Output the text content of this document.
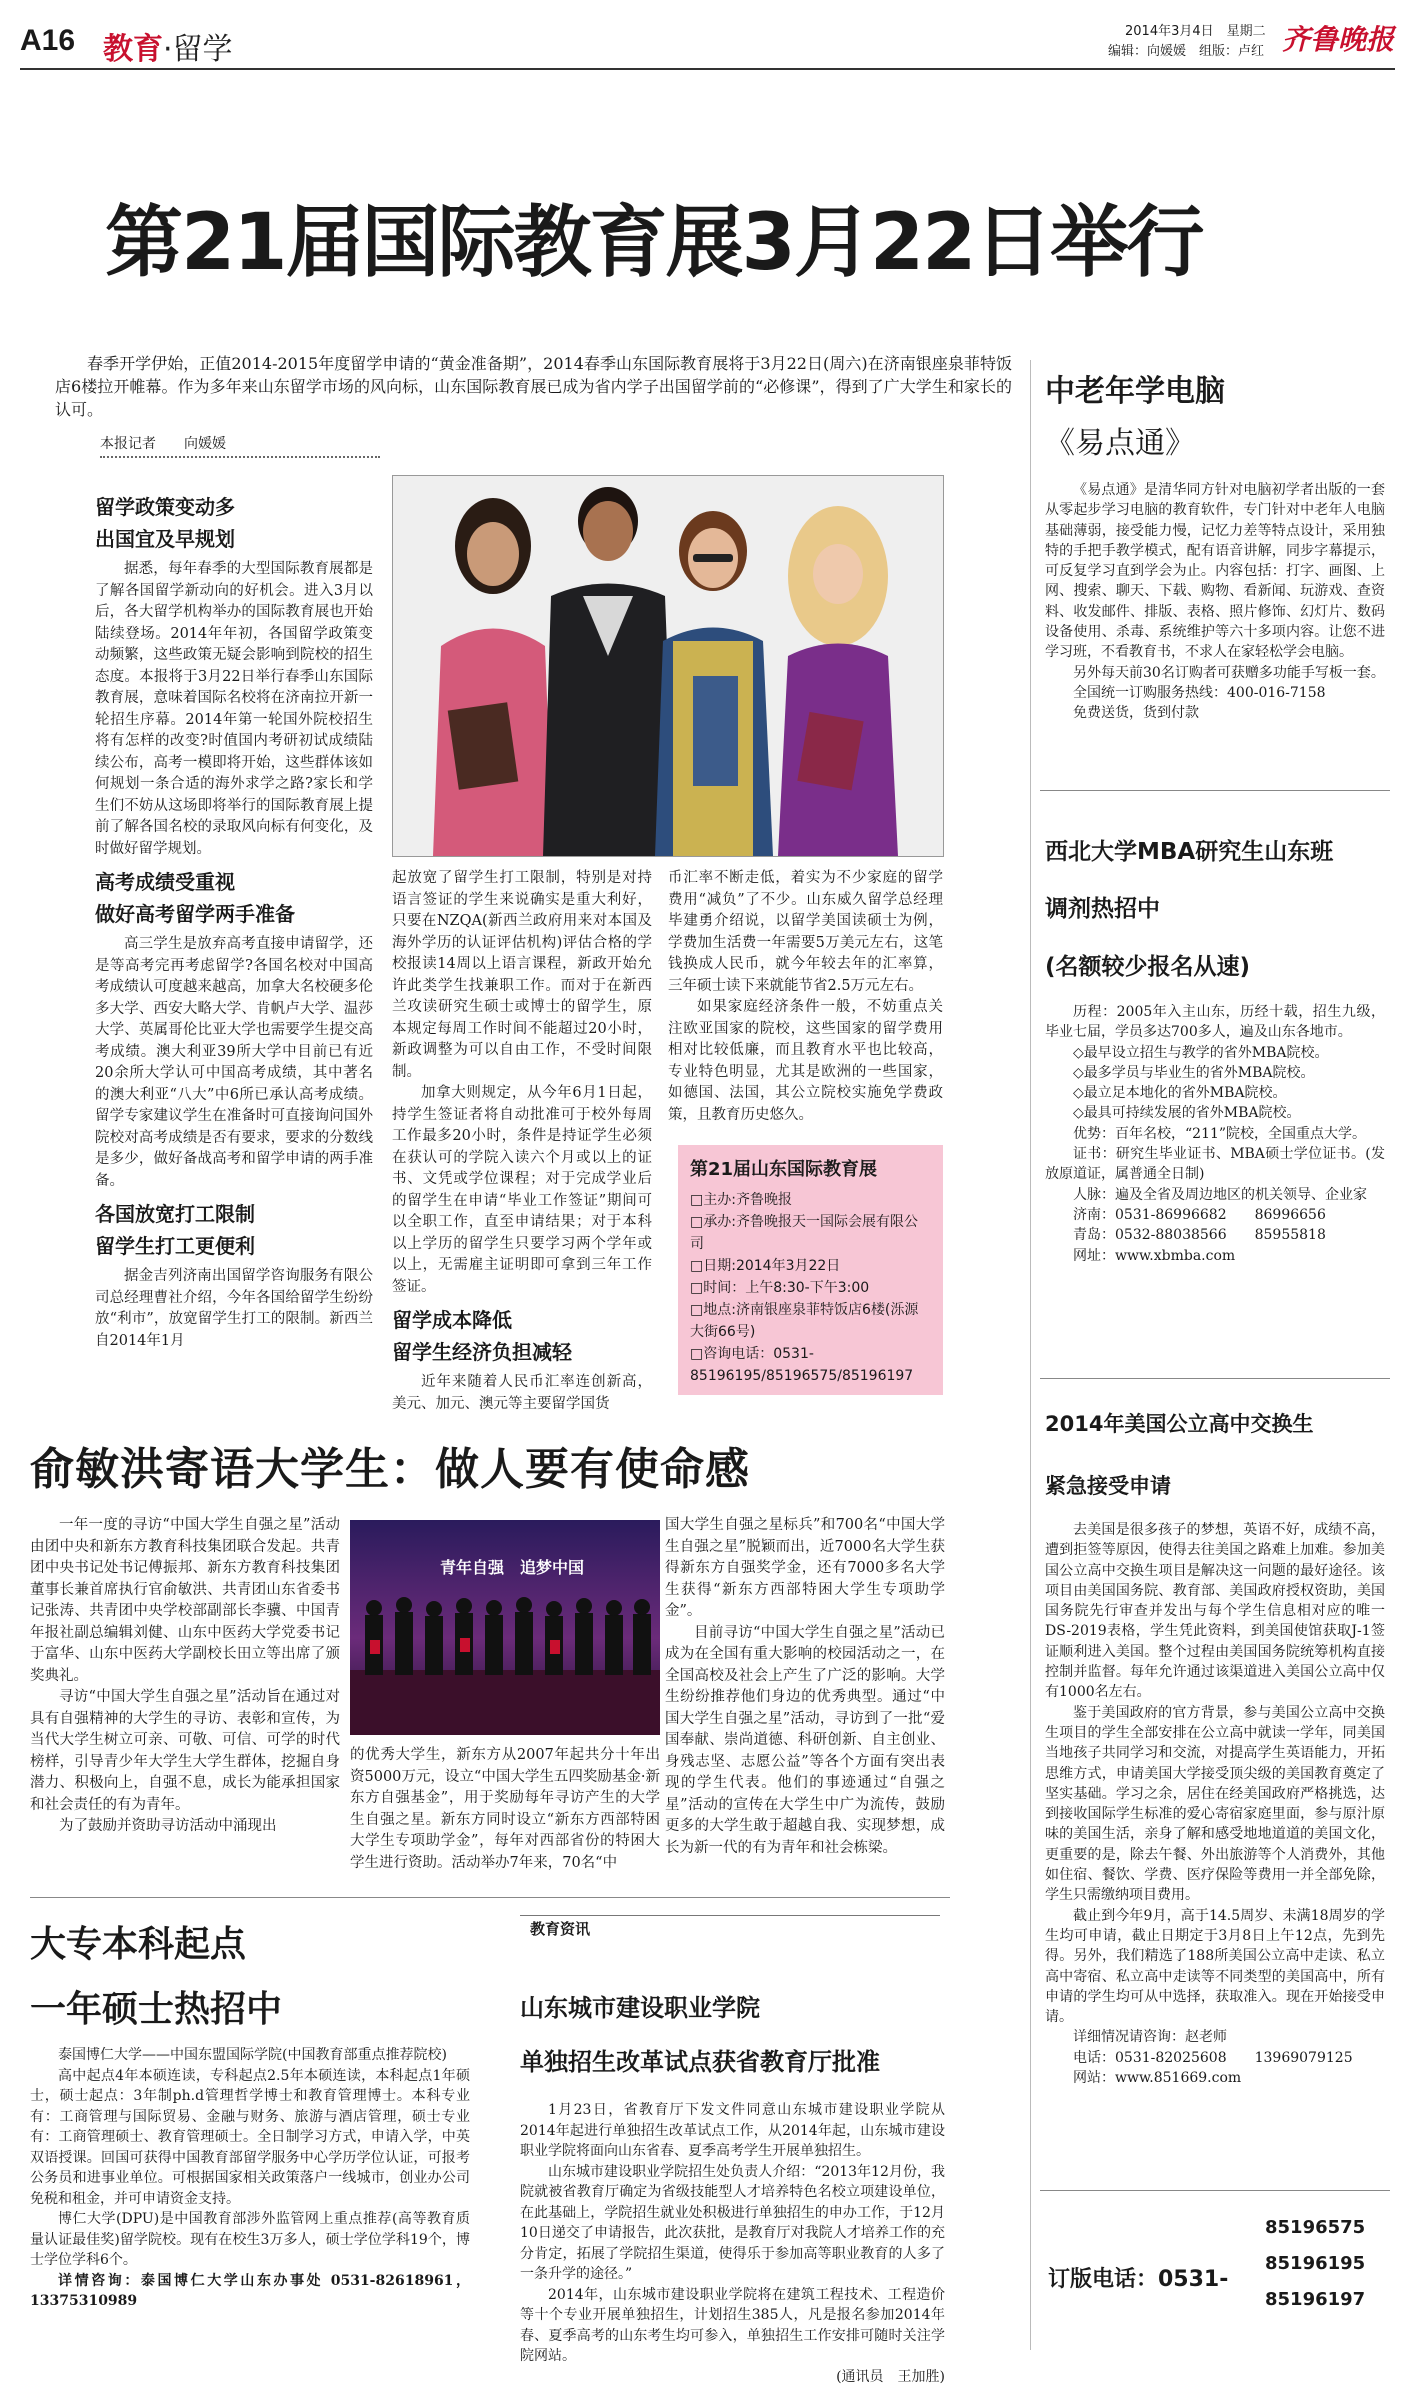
A16 教育·留学
2014年3月4日　星期二
编辑：向媛媛　组版：卢红 齐鲁晚报
第21届国际教育展3月22日举行

春季开学伊始，正值2014-2015年度留学申请的“黄金准备期”，2014春季山东国际教育展将于3月22日(周六)在济南银座泉菲特饭店6楼拉开帷幕。作为多年来山东留学市场的风向标，山东国际教育展已成为省内学子出国留学前的“必修课”，得到了广大学生和家长的认可。

本报记者　　向媛媛
留学政策变动多
出国宜及早规划

据悉，每年春季的大型国际教育展都是了解各国留学新动向的好机会。进入3月以后，各大留学机构举办的国际教育展也开始陆续登场。2014年年初，各国留学政策变动频繁，这些政策无疑会影响到院校的招生态度。本报将于3月22日举行春季山东国际教育展，意味着国际名校将在济南拉开新一轮招生序幕。2014年第一轮国外院校招生将有怎样的改变?时值国内考研初试成绩陆续公布，高考一模即将开始，这些群体该如何规划一条合适的海外求学之路?家长和学生们不妨从这场即将举行的国际教育展上提前了解各国名校的录取风向标有何变化，及时做好留学规划。

高考成绩受重视
做好高考留学两手准备

高三学生是放弃高考直接申请留学，还是等高考完再考虑留学?各国名校对中国高考成绩认可度越来越高，加拿大名校硬多伦多大学、西安大略大学、肯帆卢大学、温莎大学、英属哥伦比亚大学也需要学生提交高考成绩。澳大利亚39所大学中目前已有近20余所大学认可中国高考成绩，其中著名的澳大利亚“八大”中6所已承认高考成绩。留学专家建议学生在准备时可直接询问国外院校对高考成绩是否有要求，要求的分数线是多少，做好备战高考和留学申请的两手准备。

各国放宽打工限制
留学生打工更便利

据金吉列济南出国留学咨询服务有限公司总经理曹社介绍，今年各国给留学生纷纷放“利市”，放宽留学生打工的限制。新西兰自2014年1月

起放宽了留学生打工限制，特别是对持语言签证的学生来说确实是重大利好，只要在NZQA(新西兰政府用来对本国及海外学历的认证评估机构)评估合格的学校报读14周以上语言课程，新政开始允许此类学生找兼职工作。而对于在新西兰攻读研究生硕士或博士的留学生，原本规定每周工作时间不能超过20小时，新政调整为可以自由工作，不受时间限制。

加拿大则规定，从今年6月1日起，持学生签证者将自动批准可于校外每周工作最多20小时，条件是持证学生必须在获认可的学院入读六个月或以上的证书、文凭或学位课程；对于完成学业后的留学生在申请“毕业工作签证”期间可以全职工作，直至申请结果；对于本科以上学历的留学生只要学习两个学年或以上，无需雇主证明即可拿到三年工作签证。

留学成本降低
留学生经济负担减轻

近年来随着人民币汇率连创新高，美元、加元、澳元等主要留学国货

币汇率不断走低，着实为不少家庭的留学费用“减负”了不少。山东威久留学总经理毕建勇介绍说，以留学美国读硕士为例，学费加生活费一年需要5万美元左右，这笔钱换成人民币，就今年较去年的汇率算，三年硕士读下来就能节省2.5万元左右。

如果家庭经济条件一般，不妨重点关注欧亚国家的院校，这些国家的留学费用相对比较低廉，而且教育水平也比较高，专业特色明显，尤其是欧洲的一些国家，如德国、法国，其公立院校实施免学费政策，且教育历史悠久。

第21届山东国际教育展
□主办:齐鲁晚报
□承办:齐鲁晚报天一国际会展有限公司
□日期:2014年3月22日
□时间：上午8:30-下午3:00
□地点:济南银座泉菲特饭店6楼(泺源大街66号)
□咨询电话：0531-85196195/85196575/85196197
俞敏洪寄语大学生：做人要有使命感

一年一度的寻访“中国大学生自强之星”活动由团中央和新东方教育科技集团联合发起。共青团中央书记处书记傅振邦、新东方教育科技集团董事长兼首席执行官俞敏洪、共青团山东省委书记张涛、共青团中央学校部副部长李骥、中国青年报社副总编辑刘健、山东中医药大学党委书记于富华、山东中医药大学副校长田立等出席了颁奖典礼。

寻访“中国大学生自强之星”活动旨在通过对具有自强精神的大学生的寻访、表彰和宣传，为当代大学生树立可亲、可敬、可信、可学的时代榜样，引导青少年大学生大学生群体，挖掘自身潜力、积极向上，自强不息，成长为能承担国家和社会责任的有为青年。

为了鼓励并资助寻访活动中涌现出

青年自强　追梦中国

的优秀大学生，新东方从2007年起共分十年出资5000万元，设立“中国大学生五四奖励基金·新东方自强基金”，用于奖励每年寻访产生的大学生自强之星。新东方同时设立“新东方西部特困大学生专项助学金”，每年对西部省份的特困大学生进行资助。活动举办7年来，70名“中

国大学生自强之星标兵”和700名“中国大学生自强之星”脱颖而出，近7000名大学生获得新东方自强奖学金，还有7000多名大学生获得“新东方西部特困大学生专项助学金”。

目前寻访“中国大学生自强之星”活动已成为在全国有重大影响的校园活动之一，在全国高校及社会上产生了广泛的影响。大学生纷纷推荐他们身边的优秀典型。通过“中国大学生自强之星”活动，寻访到了一批“爱国奉献、崇尚道德、科研创新、自主创业、身残志坚、志愿公益”等各个方面有突出表现的学生代表。他们的事迹通过“自强之星”活动的宣传在大学生中广为流传，鼓励更多的大学生敢于超越自我、实现梦想，成长为新一代的有为青年和社会栋梁。

大专本科起点
一年硕士热招中

泰国博仁大学——中国东盟国际学院(中国教育部重点推荐院校)

高中起点4年本硕连读，专科起点2.5年本硕连读，本科起点1年硕士，硕士起点：3年制ph.d管理哲学博士和教育管理博士。本科专业有：工商管理与国际贸易、金融与财务、旅游与酒店管理，硕士专业有：工商管理硕士、教育管理硕士。全日制学习方式，申请入学，中英双语授课。回国可获得中国教育部留学服务中心学历学位认证，可报考公务员和进事业单位。可根据国家相关政策落户一线城市，创业办公司免税和租金，并可申请资金支持。

博仁大学(DPU)是中国教育部涉外监管网上重点推荐(高等教育质量认证最佳奖)留学院校。现有在校生3万多人，硕士学位学科19个，博士学位学科6个。

详情咨询：泰国博仁大学山东办事处 0531-82618961，13375310989

教育资讯
山东城市建设职业学院
单独招生改革试点获省教育厅批准

1月23日，省教育厅下发文件同意山东城市建设职业学院从2014年起进行单独招生改革试点工作，从2014年起，山东城市建设职业学院将面向山东省春、夏季高考学生开展单独招生。

山东城市建设职业学院招生处负责人介绍：“2013年12月份，我院就被省教育厅确定为省级技能型人才培养特色名校立项建设单位，在此基础上，学院招生就业处积极进行单独招生的申办工作，于12月10日递交了申请报告，此次获批，是教育厅对我院人才培养工作的充分肯定，拓展了学院招生渠道，使得乐于参加高等职业教育的人多了一条升学的途径。”

2014年，山东城市建设职业学院将在建筑工程技术、工程造价等十个专业开展单独招生，计划招生385人，凡是报名参加2014年春、夏季高考的山东考生均可参入，单独招生工作安排可随时关注学院网站。

(通讯员　王加胜)
中老年学电脑
《易点通》

《易点通》是清华同方针对电脑初学者出版的一套从零起步学习电脑的教育软件，专门针对中老年人电脑基础薄弱，接受能力慢，记忆力差等特点设计，采用独特的手把手教学模式，配有语音讲解，同步字幕提示，可反复学习直到学会为止。内容包括：打字、画图、上网、搜索、聊天、下载、购物、看新闻、玩游戏、查资料、收发邮件、排版、表格、照片修饰、幻灯片、数码设备使用、杀毒、系统维护等六十多项内容。让您不进学习班，不看教育书，不求人在家轻松学会电脑。

另外每天前30名订购者可获赠多功能手写板一套。

全国统一订购服务热线：400-016-7158

免费送货，货到付款

西北大学MBA研究生山东班
调剂热招中
(名额较少报名从速)

历程：2005年入主山东，历经十载，招生九级，毕业七届，学员多达700多人，遍及山东各地市。

◇最早设立招生与教学的省外MBA院校。

◇最多学员与毕业生的省外MBA院校。

◇最立足本地化的省外MBA院校。

◇最具可持续发展的省外MBA院校。

优势：百年名校，“211”院校，全国重点大学。

证书：研究生毕业证书、MBA硕士学位证书。(发放原道证，属普通全日制)

人脉：遍及全省及周边地区的机关领导、企业家

济南：0531-86996682　　86996656

青岛：0532-88038566　　85955818

网址：www.xbmba.com

2014年美国公立高中交换生
紧急接受申请

去美国是很多孩子的梦想，英语不好，成绩不高，遭到拒签等原因，使得去往美国之路难上加难。参加美国公立高中交换生项目是解决这一问题的最好途径。该项目由美国国务院、教育部、美国政府授权资助，美国国务院先行审查并发出与每个学生信息相对应的唯一DS-2019表格，学生凭此资料，到美国使馆获取J-1签证顺利进入美国。整个过程由美国国务院统筹机构直接控制并监督。每年允许通过该渠道进入美国公立高中仅有1000名左右。

鉴于美国政府的官方背景，参与美国公立高中交换生项目的学生全部安排在公立高中就读一学年，同美国当地孩子共同学习和交流，对提高学生英语能力，开拓思维方式，申请美国大学接受顶尖级的美国教育奠定了坚实基础。学习之余，居住在经美国政府严格挑选，达到接收国际学生标准的爱心寄宿家庭里面，参与原汁原味的美国生活，亲身了解和感受地地道道的美国文化，更重要的是，除去午餐、外出旅游等个人消费外，其他如住宿、餐饮、学费、医疗保险等费用一并全部免除，学生只需缴纳项目费用。

截止到今年9月，高于14.5周岁、未满18周岁的学生均可申请，截止日期定于3月8日上午12点，先到先得。另外，我们精选了188所美国公立高中走读、私立高中寄宿、私立高中走读等不同类型的美国高中，所有申请的学生均可从中选择，获取准入。现在开始接受申请。

详细情况请咨询：赵老师

电话：0531-82025608　　13969079125

网站：www.851669.com

订版电话：0531-
85196575
85196195
85196197
